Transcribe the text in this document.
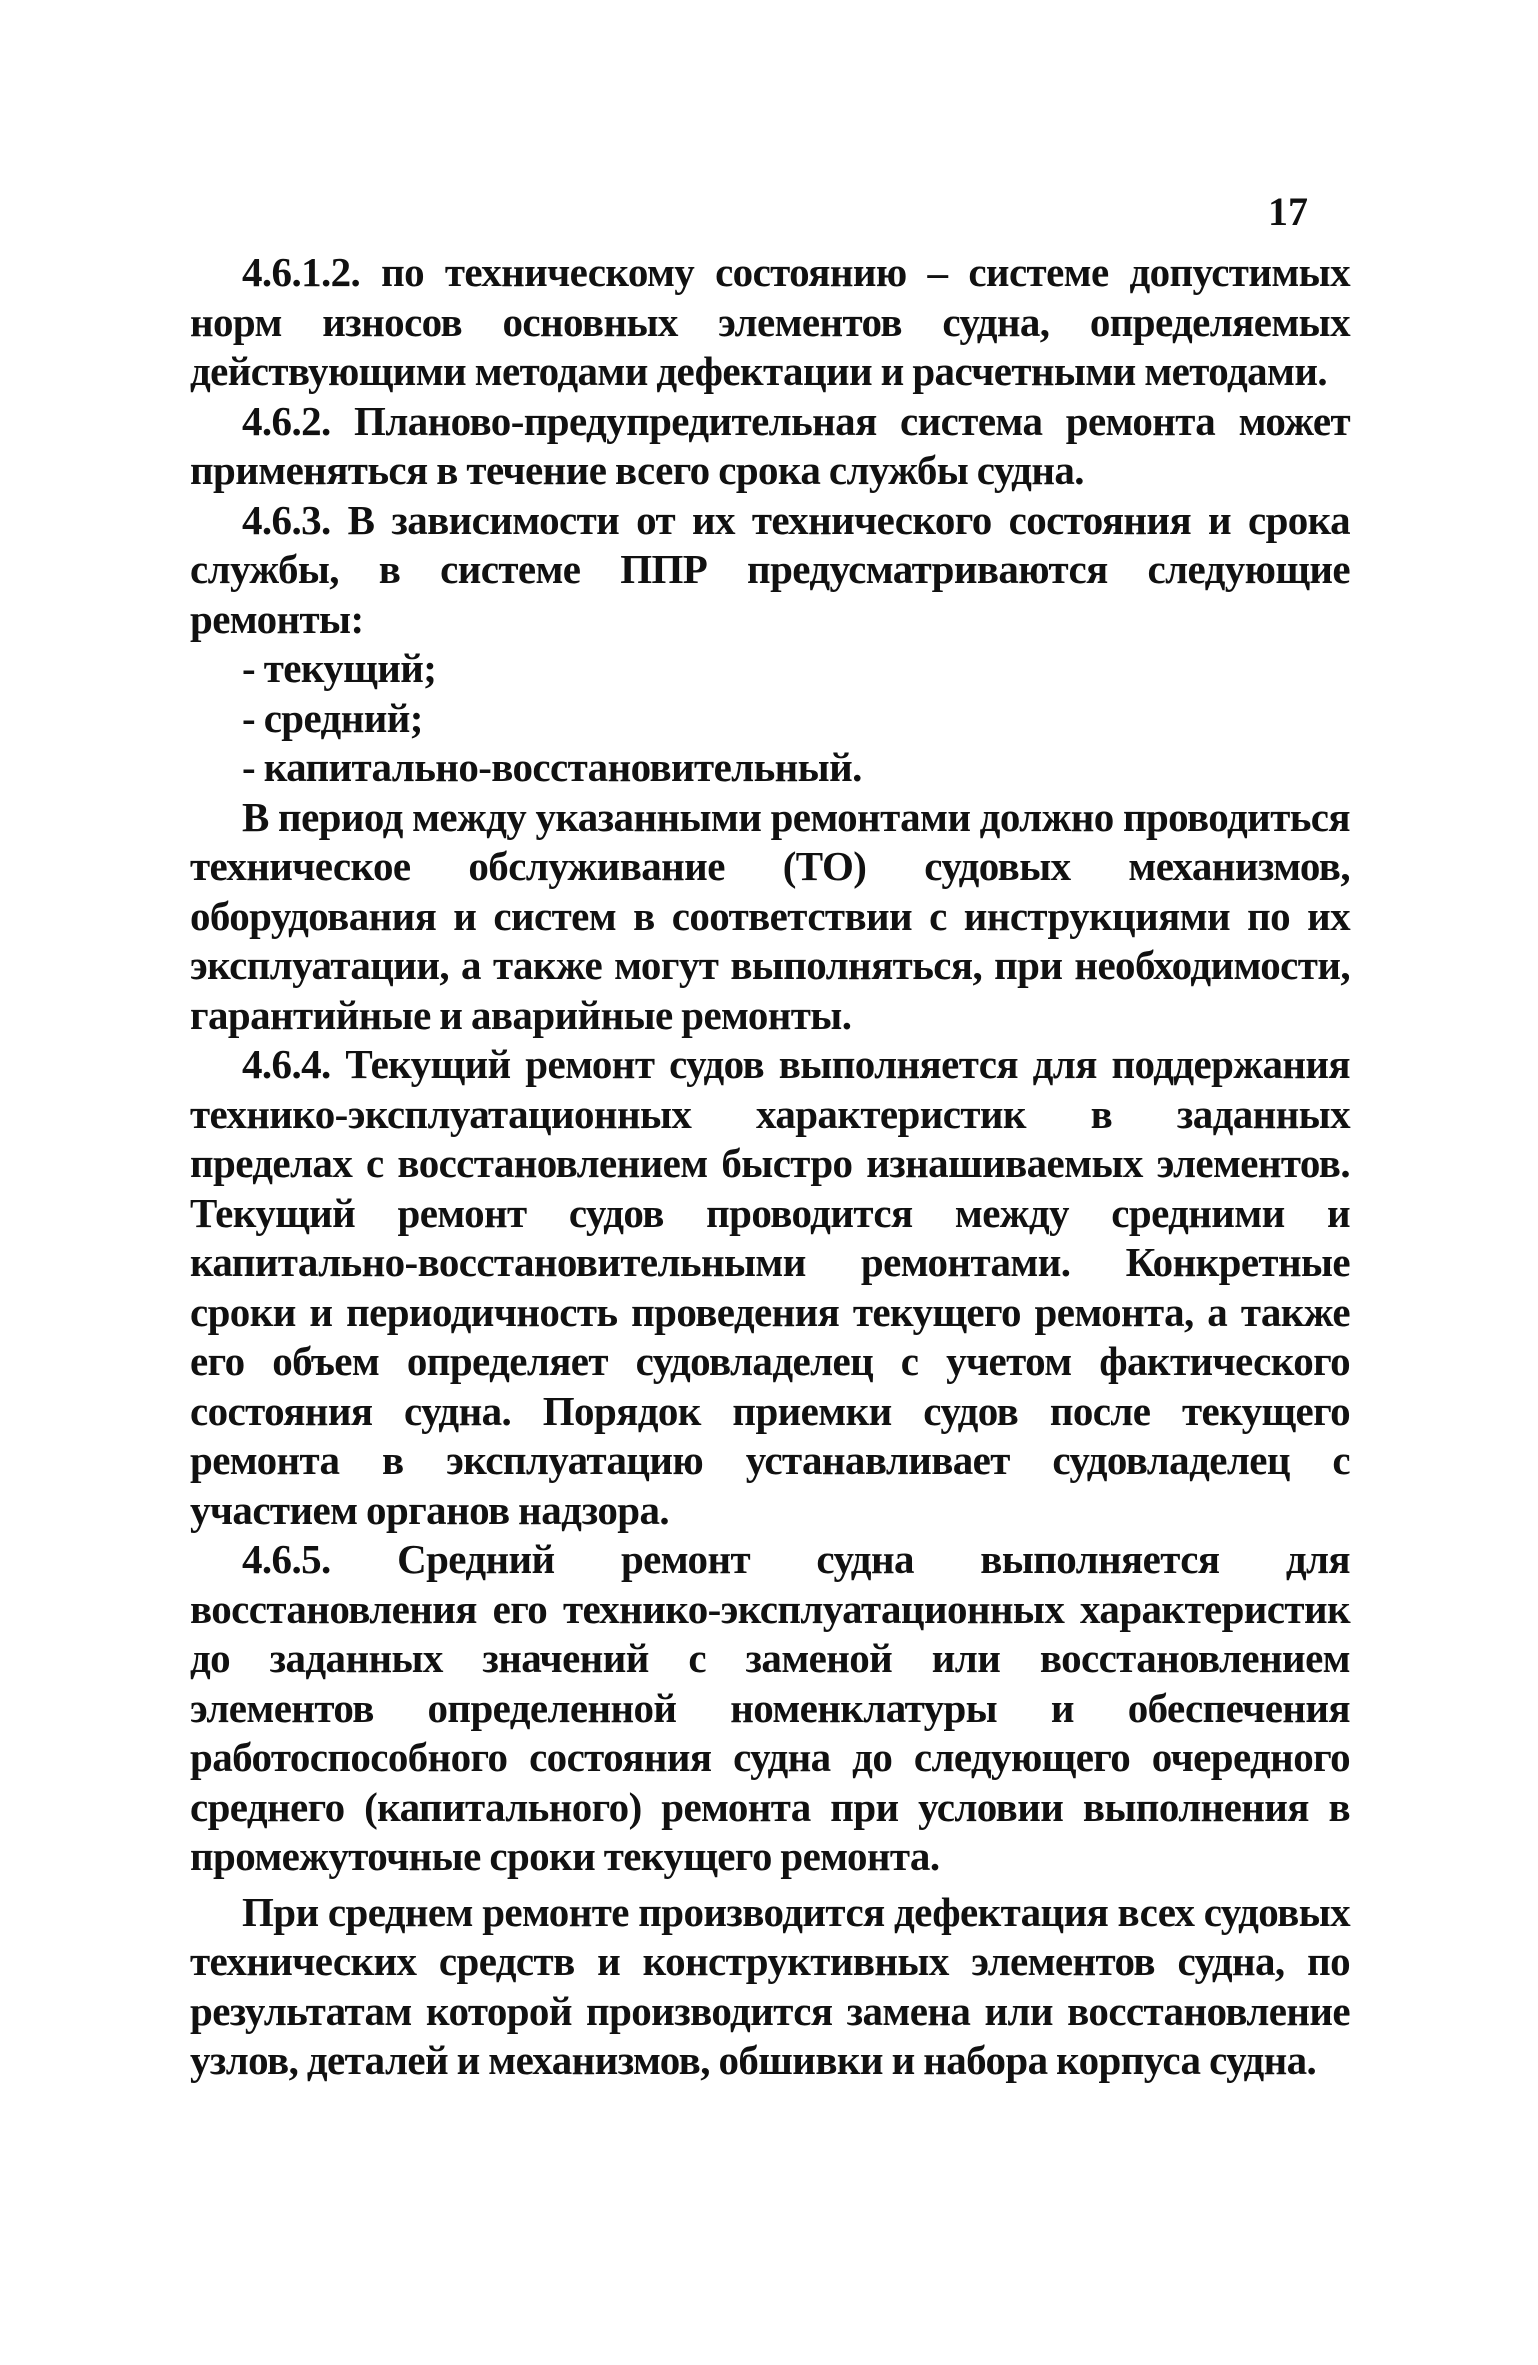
17

4.6.1.2. по техническому состоянию – системе допустимых норм износов основных элементов судна, определяемых действующими методами дефектации и расчетными методами.

4.6.2. Планово-предупредительная система ремонта может применяться в течение всего срока службы судна.

4.6.3. В зависимости от их технического состояния и срока службы, в системе ППР предусматриваются следующие ремонты:

- текущий;

- средний;

- капитально-восстановительный.

В период между указанными ремонтами должно проводиться техническое обслуживание (ТО) судовых механизмов, оборудования и систем в соответствии с инструкциями по их эксплуатации, а также могут выполняться, при необходимости, гарантийные и аварийные ремонты.

4.6.4. Текущий ремонт судов выполняется для поддержания технико-эксплуатационных характеристик в заданных пределах с восстановлением быстро изнашиваемых элементов. Текущий ремонт судов проводится между средними и капитально-восстановительными ремонтами. Конкретные сроки и периодичность проведения текущего ремонта, а также его объем определяет судовладелец с учетом фактического состояния судна. Порядок приемки судов после текущего ремонта в эксплуатацию устанавливает судовладелец с участием органов надзора.

4.6.5. Средний ремонт судна выполняется для восстановления его технико-эксплуатационных характеристик до заданных значений с заменой или восстановлением элементов определенной номенклатуры и обеспечения работоспособного состояния судна до следующего очередного среднего (капитального) ремонта при условии выполнения в промежуточные сроки текущего ремонта.

При среднем ремонте производится дефектация всех судовых технических средств и конструктивных элементов судна, по результатам которой производится замена или восстановление узлов, деталей и механизмов, обшивки и набора корпуса судна.
